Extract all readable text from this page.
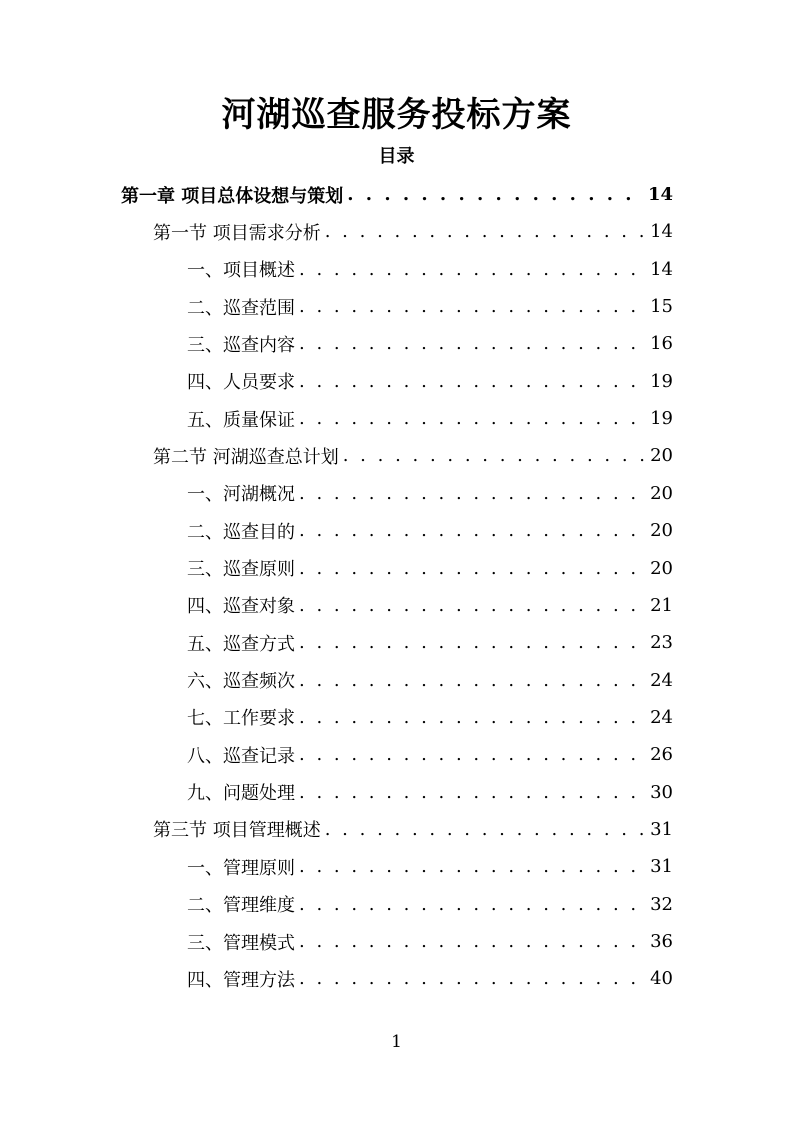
河湖巡查服务投标方案
目录
第一章 项目总体设想与策划 . . .	14
第一节 项目需求分析 . . .	14
一、项目概述 . . .	14
二、巡查范围 . . .	15
三、巡查内容 . . .	16
四、人员要求 . . .	19
五、质量保证 . . .	19
第二节 河湖巡查总计划 . . .	20
一、河湖概况 . . .	20
二、巡查目的 . . .	20
三、巡查原则 . . .	20
四、巡查对象 . . .	21
五、巡查方式 . . .	23
六、巡查频次 . . .	24
七、工作要求 . . .	24
八、巡查记录 . . .	26
九、问题处理 . . .	30
第三节 项目管理概述 . . .	31
一、管理原则 . . .	31
二、管理维度 . . .	32
三、管理模式 . . .	36
四、管理方法 . . .	40
1
